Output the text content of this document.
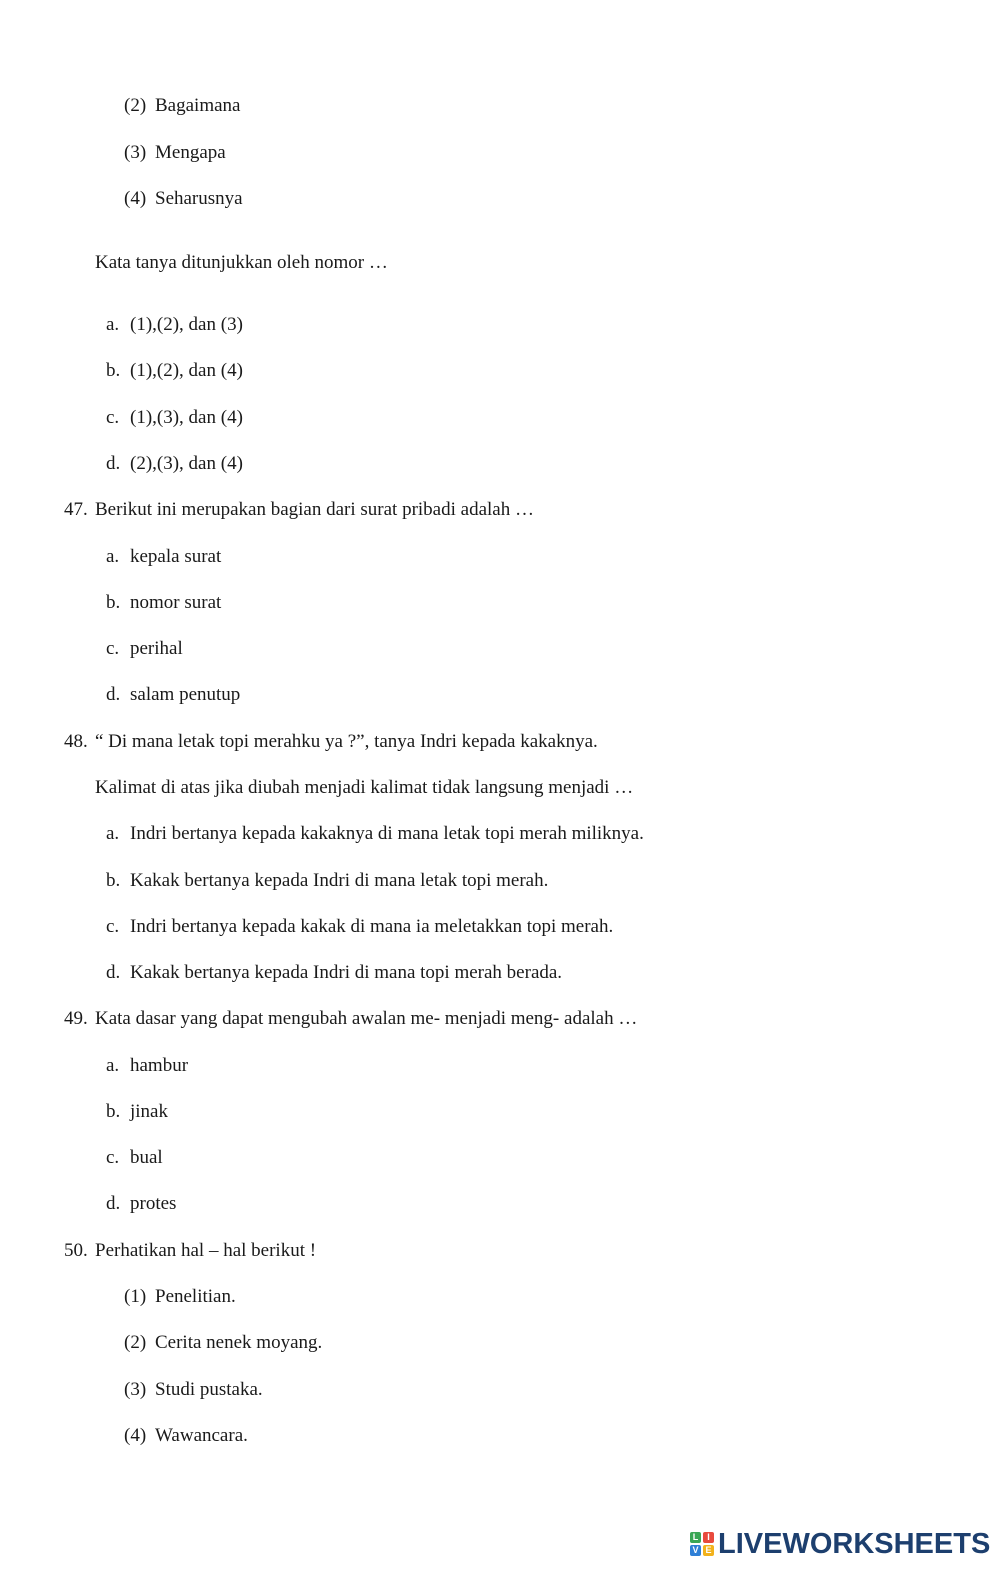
(2) Bagaimana
(3) Mengapa
(4) Seharusnya
Kata tanya ditunjukkan oleh nomor …
a. (1),(2), dan (3)
b. (1),(2), dan (4)
c. (1),(3), dan (4)
d. (2),(3), dan (4)
47. Berikut ini merupakan bagian dari surat pribadi adalah …
a. kepala surat
b. nomor surat
c. perihal
d. salam penutup
48. “ Di mana letak topi merahku ya ?”, tanya Indri kepada kakaknya.
Kalimat di atas jika diubah menjadi kalimat tidak langsung menjadi …
a. Indri bertanya kepada kakaknya di mana letak topi merah miliknya.
b. Kakak bertanya kepada Indri di mana letak topi merah.
c. Indri bertanya kepada kakak di mana ia meletakkan topi merah.
d. Kakak bertanya kepada Indri di mana topi merah berada.
49. Kata dasar yang dapat mengubah awalan me- menjadi meng- adalah …
a. hambur
b. jinak
c. bual
d. protes
50. Perhatikan hal – hal berikut !
(1) Penelitian.
(2) Cerita nenek moyang.
(3) Studi pustaka.
(4) Wawancara.
L I
V E LIVEWORKSHEETS
